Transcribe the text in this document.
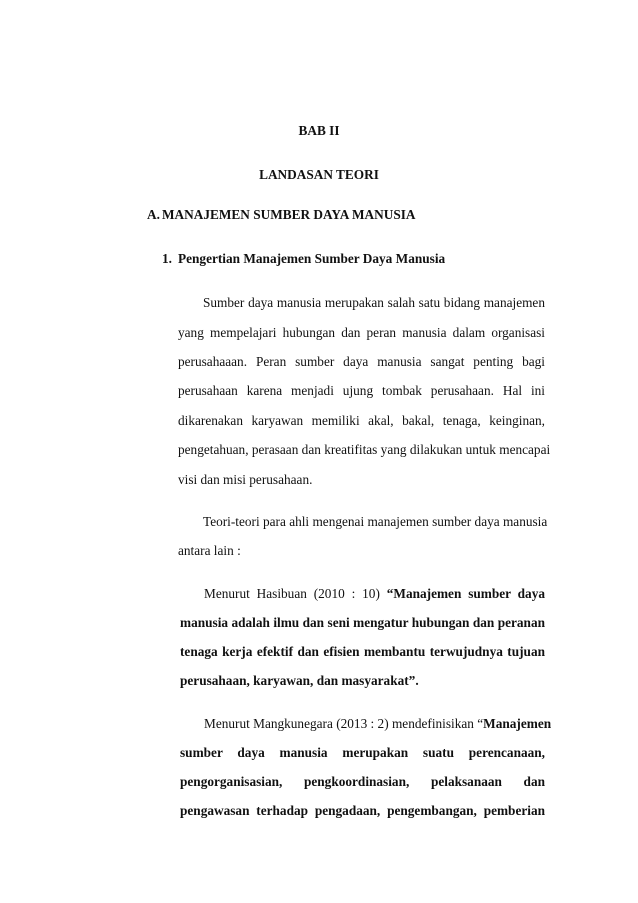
BAB II
LANDASAN TEORI
A. MANAJEMEN SUMBER DAYA MANUSIA
1. Pengertian Manajemen Sumber Daya Manusia
Sumber daya manusia merupakan salah satu bidang manajemen
yang mempelajari hubungan dan peran manusia dalam organisasi
perusahaaan. Peran sumber daya manusia sangat penting bagi
perusahaan karena menjadi ujung tombak perusahaan. Hal ini
dikarenakan karyawan memiliki akal, bakal, tenaga, keinginan,
pengetahuan, perasaan dan kreatifitas yang dilakukan untuk mencapai
visi dan misi perusahaan.
Teori-teori para ahli mengenai manajemen sumber daya manusia
antara lain :
Menurut Hasibuan (2010 : 10) “Manajemen sumber daya
manusia adalah ilmu dan seni mengatur hubungan dan peranan
tenaga kerja efektif dan efisien membantu terwujudnya tujuan
perusahaan, karyawan, dan masyarakat”.
Menurut Mangkunegara (2013 : 2) mendefinisikan “Manajemen
sumber daya manusia merupakan suatu perencanaan,
pengorganisasian, pengkoordinasian, pelaksanaan dan
pengawasan terhadap pengadaan, pengembangan, pemberian
